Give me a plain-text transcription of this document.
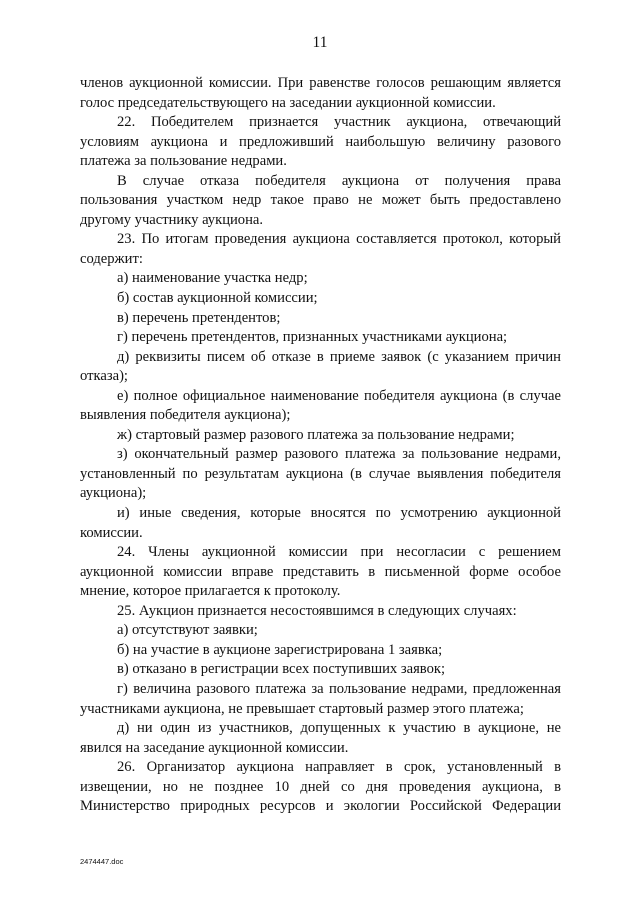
11
членов аукционной комиссии. При равенстве голосов решающим является
голос председательствующего на заседании аукционной комиссии.
22. Победителем признается участник аукциона, отвечающий
условиям аукциона и предложивший наибольшую величину разового
платежа за пользование недрами.
В случае отказа победителя аукциона от получения права
пользования участком недр такое право не может быть предоставлено
другому участнику аукциона.
23. По итогам проведения аукциона составляется протокол, который
содержит:
а) наименование участка недр;
б) состав аукционной комиссии;
в) перечень претендентов;
г) перечень претендентов, признанных участниками аукциона;
д) реквизиты писем об отказе в приеме заявок (с указанием причин
отказа);
е) полное официальное наименование победителя аукциона (в случае
выявления победителя аукциона);
ж) стартовый размер разового платежа за пользование недрами;
з) окончательный размер разового платежа за пользование недрами,
установленный по результатам аукциона (в случае выявления победителя
аукциона);
и) иные сведения, которые вносятся по усмотрению аукционной
комиссии.
24. Члены аукционной комиссии при несогласии с решением
аукционной комиссии вправе представить в письменной форме особое
мнение, которое прилагается к протоколу.
25. Аукцион признается несостоявшимся в следующих случаях:
а) отсутствуют заявки;
б) на участие в аукционе зарегистрирована 1 заявка;
в) отказано в регистрации всех поступивших заявок;
г) величина разового платежа за пользование недрами, предложенная
участниками аукциона, не превышает стартовый размер этого платежа;
д) ни один из участников, допущенных к участию в аукционе, не
явился на заседание аукционной комиссии.
26. Организатор аукциона направляет в срок, установленный в
извещении, но не позднее 10 дней со дня проведения аукциона, в
Министерство природных ресурсов и экологии Российской Федерации
2474447.doc
